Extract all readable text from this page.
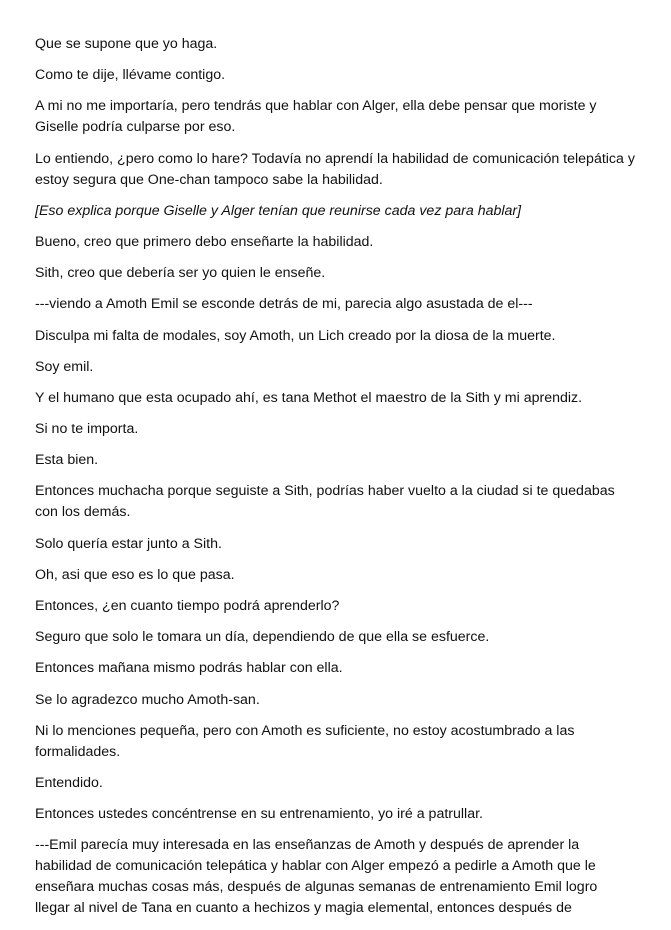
Que se supone que yo haga.

Como te dije, llévame contigo.

A mi no me importaría, pero tendrás que hablar con Alger, ella debe pensar que moriste y Giselle podría culparse por eso.

Lo entiendo, ¿pero como lo hare? Todavía no aprendí la habilidad de comunicación telepática y estoy segura que One-chan tampoco sabe la habilidad.

[Eso explica porque Giselle y Alger tenían que reunirse cada vez para hablar]

Bueno, creo que primero debo enseñarte la habilidad.

Sith, creo que debería ser yo quien le enseñe.

---viendo a Amoth Emil se esconde detrás de mi, parecia algo asustada de el---

Disculpa mi falta de modales, soy Amoth, un Lich creado por la diosa de la muerte.

Soy emil.

Y el humano que esta ocupado ahí, es tana Methot el maestro de la Sith y mi aprendiz.

Si no te importa.

Esta bien.

Entonces muchacha porque seguiste a Sith, podrías haber vuelto a la ciudad si te quedabas con los demás.

Solo quería estar junto a Sith.

Oh, asi que eso es lo que pasa.

Entonces, ¿en cuanto tiempo podrá aprenderlo?

Seguro que solo le tomara un día, dependiendo de que ella se esfuerce.

Entonces mañana mismo podrás hablar con ella.

Se lo agradezco mucho Amoth-san.

Ni lo menciones pequeña, pero con Amoth es suficiente, no estoy acostumbrado a las formalidades.

Entendido.

Entonces ustedes concéntrense en su entrenamiento, yo iré a patrullar.

---Emil parecía muy interesada en las enseñanzas de Amoth y después de aprender la habilidad de comunicación telepática y hablar con Alger empezó a pedirle a Amoth que le enseñara muchas cosas más, después de algunas semanas de entrenamiento Emil logro llegar al nivel de Tana en cuanto a hechizos y magia elemental, entonces después de
